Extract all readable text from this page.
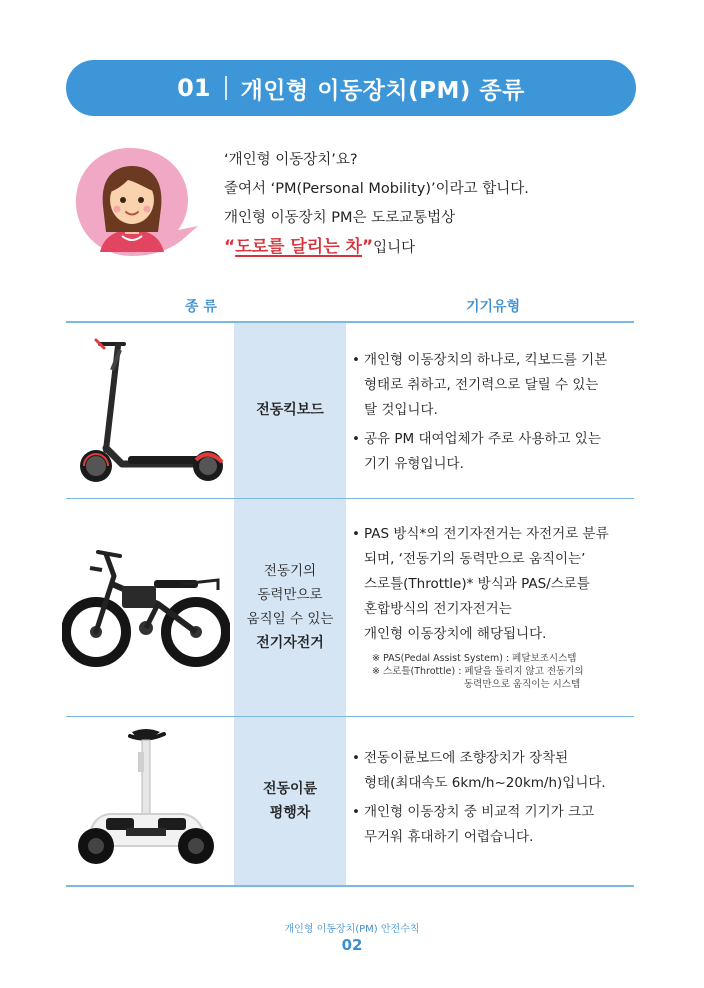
01 개인형 이동장치(PM) 종류
‘개인형 이동장치’요?
줄여서 ‘PM(Personal Mobility)’이라고 합니다.
개인형 이동장치 PM은 도로교통법상
“도로를 달리는 차”입니다
종 류	기기유형
전동킥보드
• 개인형 이동장치의 하나로, 킥보드를 기본
형태로 취하고, 전기력으로 달릴 수 있는
탈 것입니다.
• 공유 PM 대여업체가 주로 사용하고 있는
기기 유형입니다.
전동기의
동력만으로
움직일 수 있는
전기자전거
• PAS 방식*의 전기자전거는 자전거로 분류
되며, ‘전동기의 동력만으로 움직이는’
스로틀(Throttle)* 방식과 PAS/스로틀
혼합방식의 전기자전거는
개인형 이동장치에 해당됩니다.
※ PAS(Pedal Assist System) : 페달보조시스템
※ 스로틀(Throttle) : 페달을 돌리지 않고 전동기의
동력만으로 움직이는 시스템
전동이륜
평행차
• 전동이륜보드에 조향장치가 장착된
형태(최대속도 6km/h~20km/h)입니다.
• 개인형 이동장치 중 비교적 기기가 크고
무거워 휴대하기 어렵습니다.
개인형 이동장치(PM) 안전수칙
02
